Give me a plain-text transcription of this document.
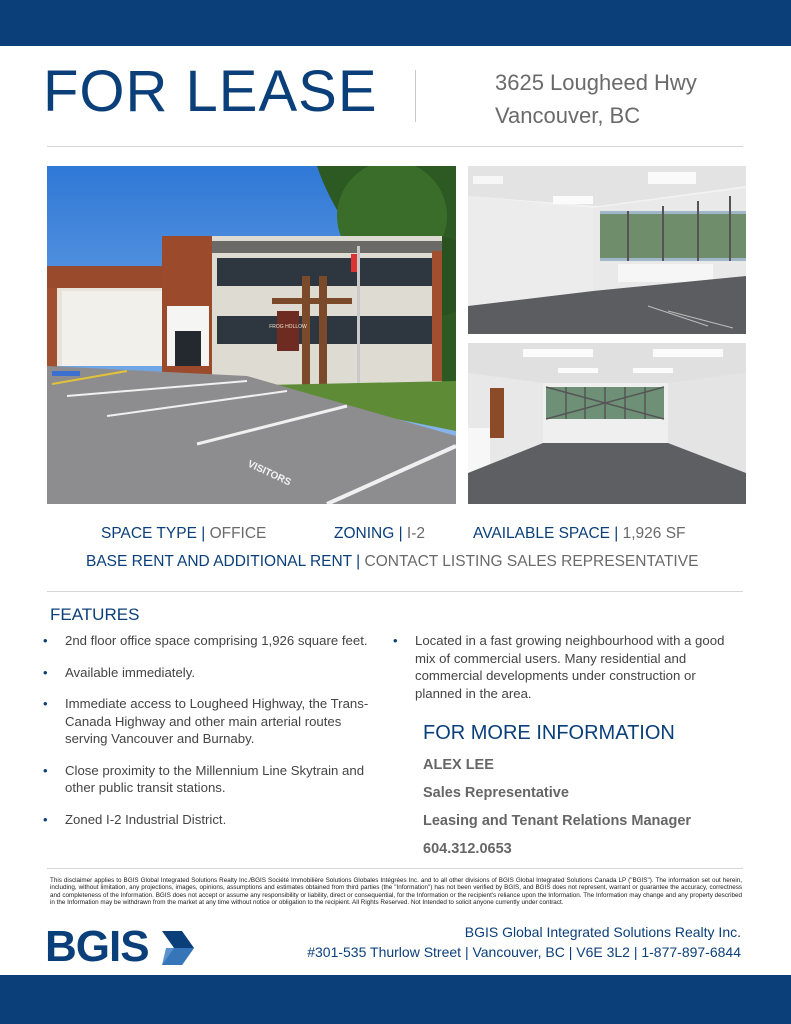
FOR LEASE	3625 Lougheed Hwy
Vancouver, BC
FROG HOLLOW
VISITORS
SPACE TYPE | OFFICE	ZONING | I-2	AVAILABLE SPACE | 1,926 SF
BASE RENT AND ADDITIONAL RENT | CONTACT LISTING SALES REPRESENTATIVE
FEATURES
• 2nd floor office space comprising 1,926 square feet.
• Available immediately.
• Immediate access to Lougheed Highway, the Trans-Canada Highway and other main arterial routes serving Vancouver and Burnaby.
• Close proximity to the Millennium Line Skytrain and other public transit stations.
• Zoned I-2 Industrial District.
• Located in a fast growing neighbourhood with a good mix of commercial users. Many residential and commercial developments under construction or planned in the area.
FOR MORE INFORMATION
ALEX LEE
Sales Representative
Leasing and Tenant Relations Manager
604.312.0653
This disclaimer applies to BGIS Global Integrated Solutions Realty Inc./BGIS Société Immobilière Solutions Globales Intégrées Inc. and to all other divisions of BGIS Global Integrated Solutions Canada LP ("BGIS"). The information set out herein, including, without limitation, any projections, images, opinions, assumptions and estimates obtained from third parties (the "Information") has not been verified by BGIS, and BGIS does not represent, warrant or guarantee the accuracy, correctness and completeness of the Information. BGIS does not accept or assume any responsibility or liability, direct or consequential, for the Information or the recipient's reliance upon the Information. The Information may change and any property described in the Information may be withdrawn from the market at any time without notice or obligation to the recipient. All Rights Reserved. Not Intended to solicit anyone currently under contract.
BGIS	BGIS Global Integrated Solutions Realty Inc.
#301-535 Thurlow Street | Vancouver, BC | V6E 3L2 | 1-877-897-6844
